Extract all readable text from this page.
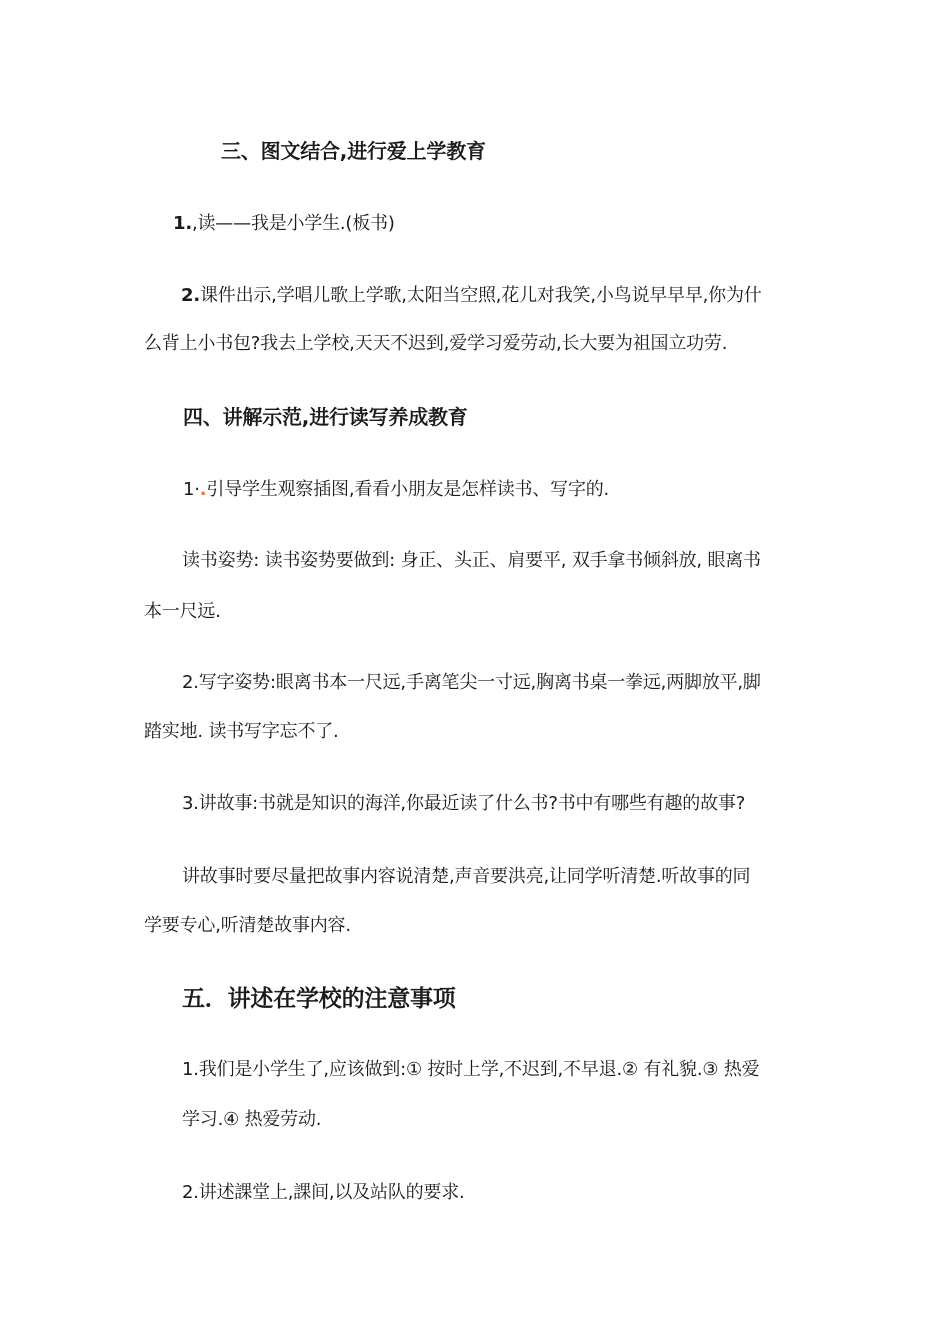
三、图文结合,进行爱上学教育
1.,读——我是小学生.(板书)
2.课件出示,学唱儿歌上学歌,太阳当空照,花儿对我笑,小鸟说早早早,你为什
么背上小书包?我去上学校,天天不迟到,爱学习爱劳动,长大要为祖国立功劳.
四、讲解示范,进行读写养成教育
1·.引导学生观察插图,看看小朋友是怎样读书、写字的.
读书姿势: 读书姿势要做到: 身正、头正、肩要平, 双手拿书倾斜放, 眼离书
本一尺远.
2.写字姿势:眼离书本一尺远,手离笔尖一寸远,胸离书桌一拳远,两脚放平,脚
踏实地. 读书写字忘不了.
3.讲故事:书就是知识的海洋,你最近读了什么书?书中有哪些有趣的故事?
讲故事时要尽量把故事内容说清楚,声音要洪亮,让同学听清楚.听故事的同
学要专心,听清楚故事内容.
五．讲述在学校的注意事项
1.我们是小学生了,应该做到:① 按时上学,不迟到,不早退.② 有礼貌.③ 热爱
学习.④ 热爱劳动.
2.讲述課堂上,課间,以及站队的要求.
